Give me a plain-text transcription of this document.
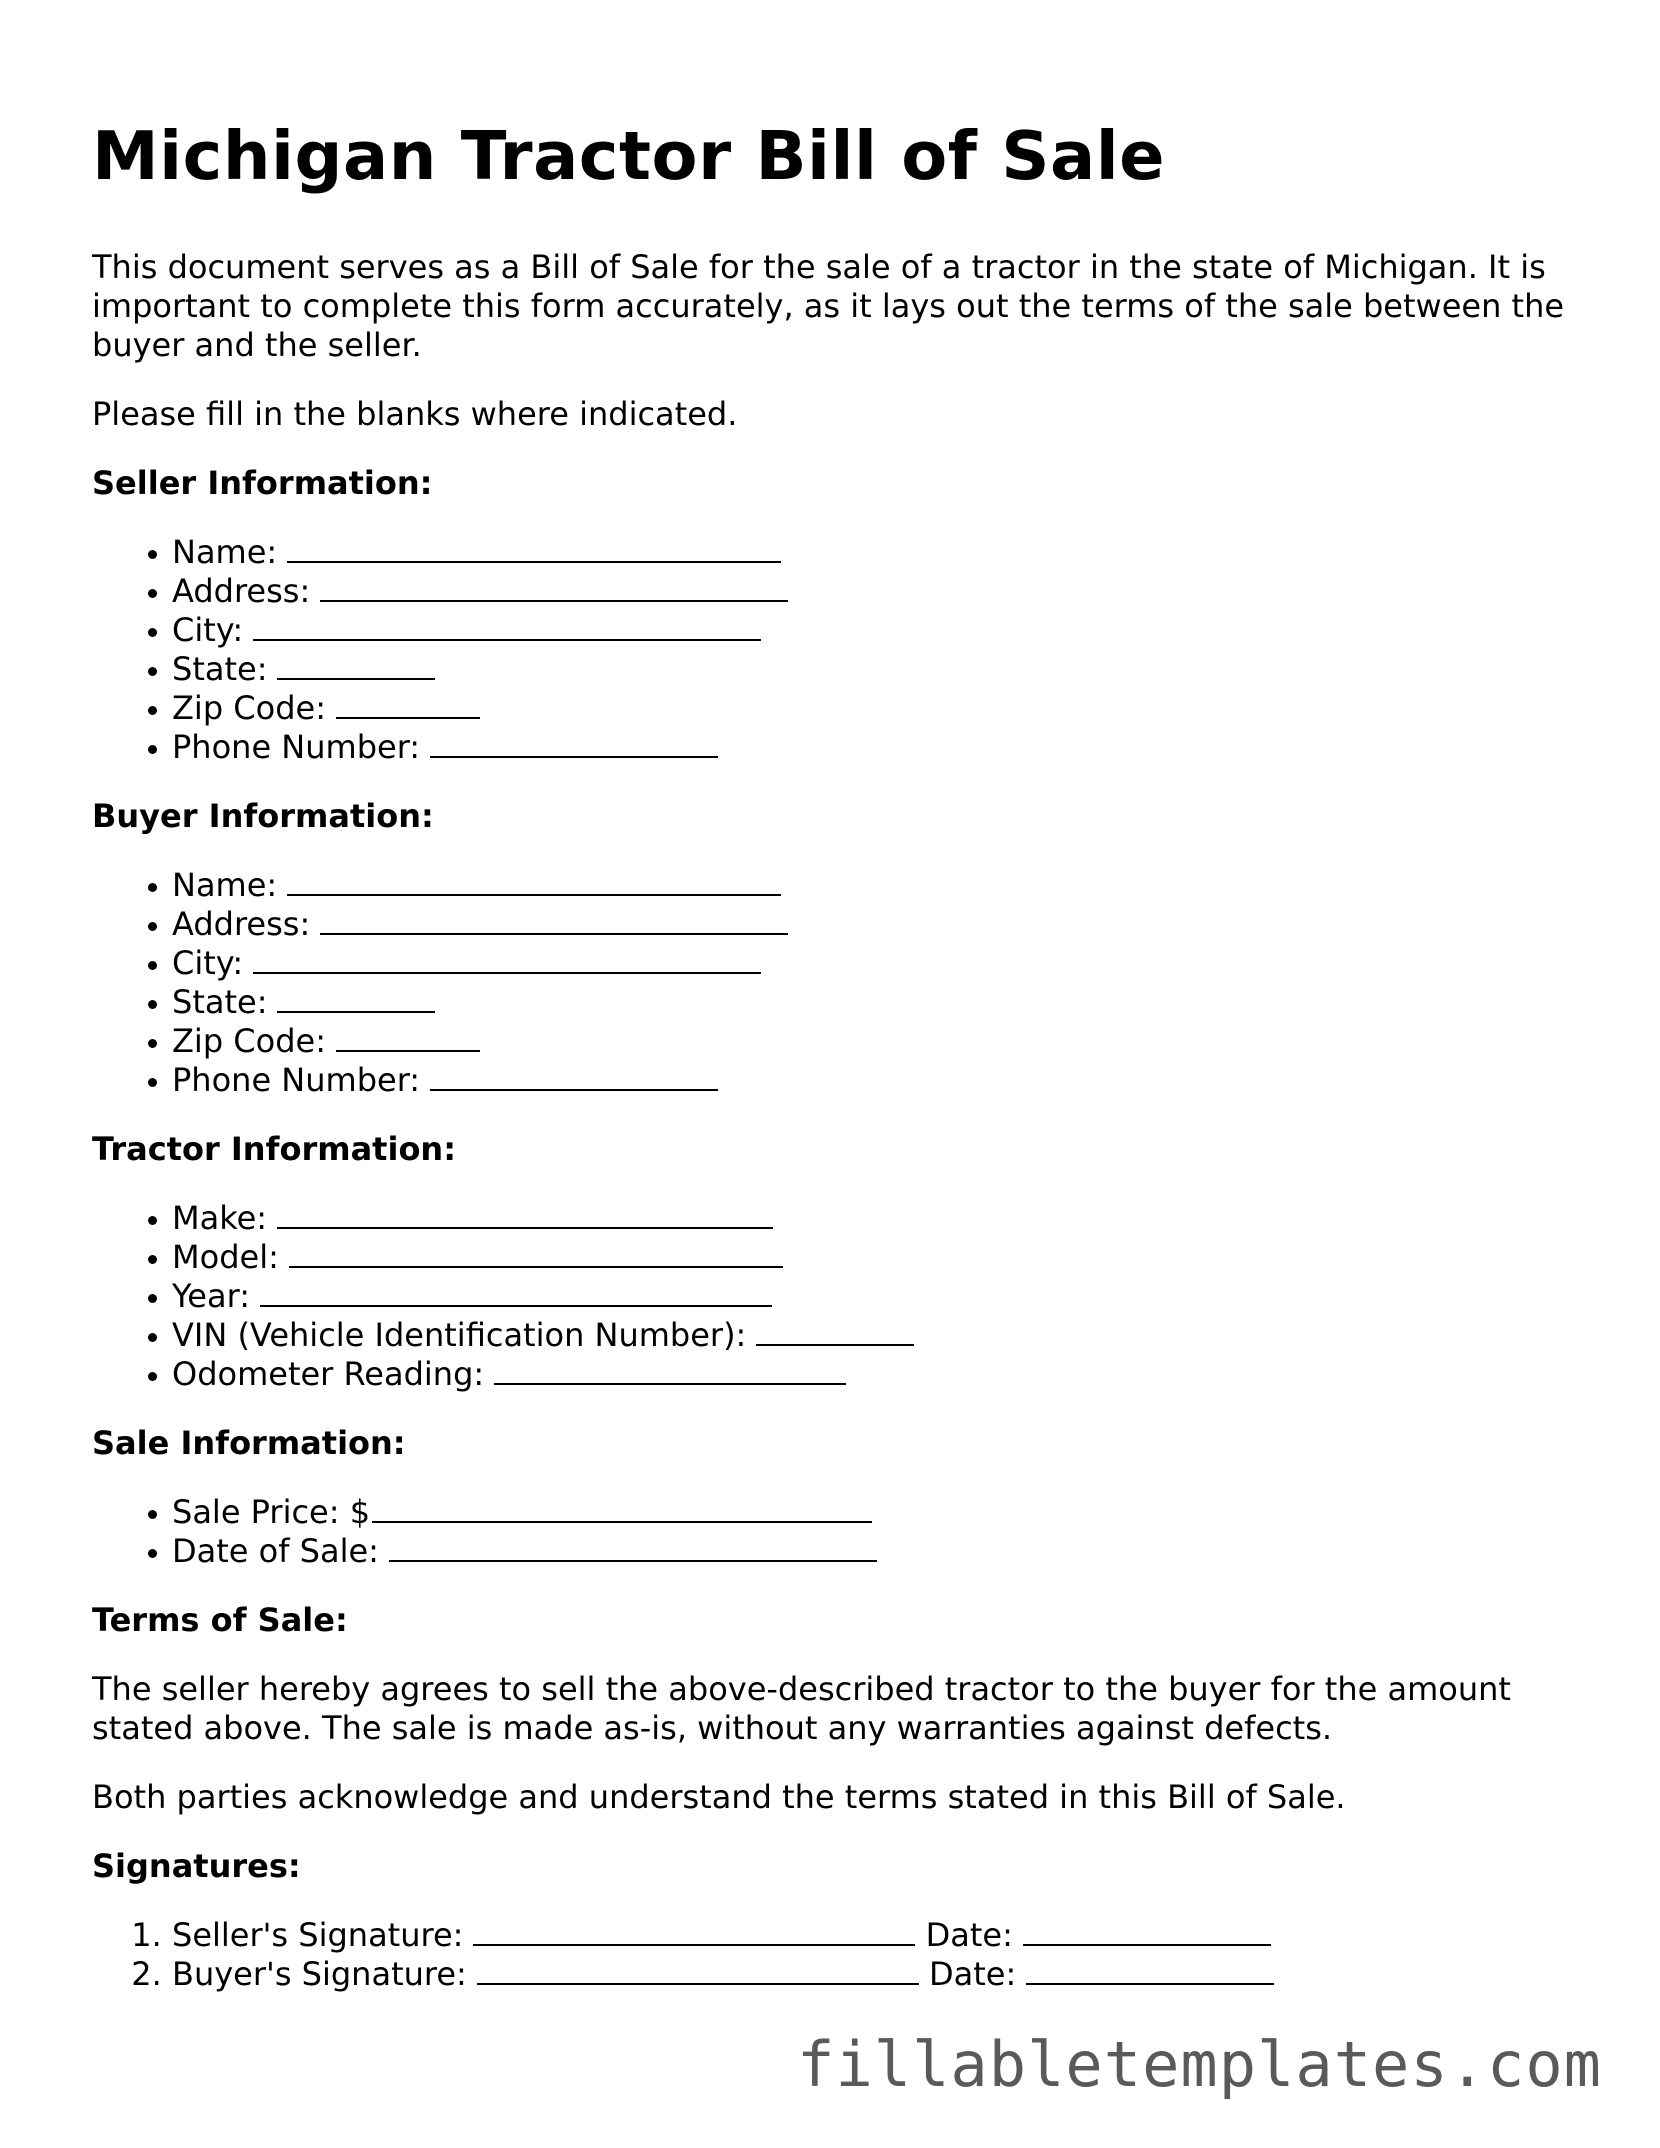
Michigan Tractor Bill of Sale

This document serves as a Bill of Sale for the sale of a tractor in the state of Michigan. It is important to complete this form accurately, as it lays out the terms of the sale between the buyer and the seller.

Please fill in the blanks where indicated.

Seller Information:
• Name:
• Address:
• City:
• State:
• Zip Code:
• Phone Number:
Buyer Information:
• Name:
• Address:
• City:
• State:
• Zip Code:
• Phone Number:
Tractor Information:
• Make:
• Model:
• Year:
• VIN (Vehicle Identification Number):
• Odometer Reading:
Sale Information:
• Sale Price: $
• Date of Sale:
Terms of Sale:

The seller hereby agrees to sell the above-described tractor to the buyer for the amount stated above. The sale is made as-is, without any warranties against defects.

Both parties acknowledge and understand the terms stated in this Bill of Sale.

Signatures:
1. Seller's Signature:	Date:
2. Buyer's Signature:	Date:
fillabletemplates.com
